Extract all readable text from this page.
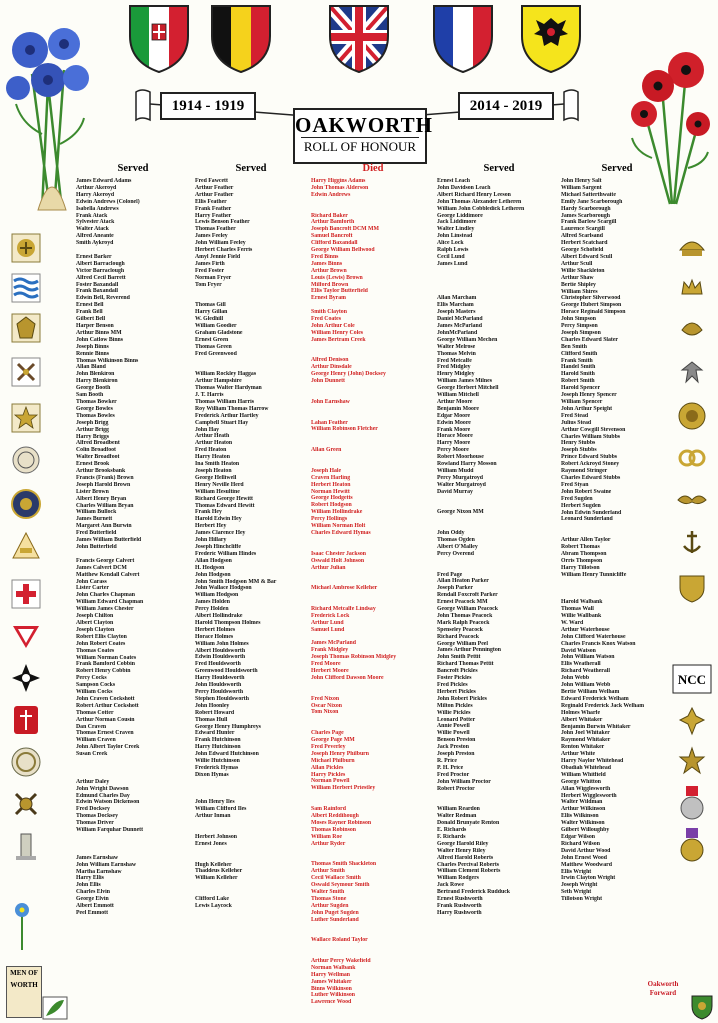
1914 - 1919	2014 - 2019
OAKWORTH
ROLL OF HONOUR
NCC
MEN OF WORTH	Oakworth Forward
Served
James Edward Adams
Arthur Akeroyd
Harry Akeroyd
Edwin Andrews (Colonel)
Isabella Andrews
Frank Atack
Sylvester Atack
Walter Atack
Alfred Aneante
Smith Aykroyd
Ernest Barker
Albert Barraclough
Victor Barraclough
Alfred Cecil Barrett
Foster Baxandall
Frank Baxandall
Edwin Bell, Reverend
Ernest Bell
Frank Bell
Gilbert Bell
Harper Benson
Arthur Binns MM
John Catlow Binns
Joseph Binns
Rennie Binns
Thomas Wilkinson Binns
Allan Bland
John Blenkiron
Harry Blenkiron
George Booth
Sam Booth
Thomas Bowker
George Bowles
Thomas Bowles
Joseph Brigg
Arthur Brigg
Harry Briggs
Alfred Broadbent
Colin Broadfoot
Walter Broadfoot
Ernest Brook
Arthur Brooksbank
Francis (Frank) Brown
Joseph Harold Brown
Lister Brown
Albert Henry Bryan
Charles William Bryan
William Bullock
James Burnett
Margaret Ann Burwin
Fred Butterfield
James William Butterfield
John Butterfield
Francis George Calvert
James Calvert DCM
Matthew Kendall Calvert
John Carass
Lister Carter
John Charles Chapman
William Edward Chapman
William James Chester
Joseph Chilton
Albert Clayton
Joseph Clayton
Robert Ellis Clayton
John Robert Coates
Thomas Coates
William Norman Coates
Frank Bamford Cobbin
Robert Henry Cobbin
Percy Cocks
Sampson Cocks
William Cocks
John Craven Cockshott
Robert Arthur Cockshott
Thomas Cotter
Arthur Norman Cousin
Dan Craven
Thomas Ernest Craven
William Craven
John Albert Taylor Creek
Susan Creek
Arthur Daley
John Wright Dawson
Edmund Charles Day
Edwin Watson Dickenson
Fred Docksey
Thomas Docksey
Thomas Driver
William Farquhar Dunnett
James Earnshaw
John William Earnshaw
Martha Earnshaw
Harry Ellis
John Ellis
Charles Elvin
George Elvin
Albert Emmott
Peel Emmott
Served
Fred Fawcett
Arthur Feather
Arthur Feather
Ellis Feather
Frank Feather
Harry Feather
Lewis Benson Feather
Thomas Feather
James Feeley
John William Feeley
Herbert Charles Ferris
Amyl Jennie Field
James Firth
Fred Foster
Norman Fryer
Tom Fryer
Thomas Gill
Harry Gillan
W. Gledhill
William Goodier
Graham Gladstone
Ernest Green
Thomas Green
Fred Greenwood
William Rockley Haggas
Arthur Hampshire
Thomas Walter Hardyman
J. T. Harris
Thomas William Harris
Roy William Thomas Harrow
Frederick Arthur Hartley
Campbell Stuart Hay
John Hay
Arthur Heath
Arthur Heaton
Fred Heaton
Harry Heaton
Ina Smith Heaton
Joseph Heaton
George Helliwell
Henry Neville Herd
William Hesultine
Richard George Hewitt
Thomas Edward Hewitt
Frank Hey
Harold Edwin Hey
Herbert Hey
James Clarence Hey
John Hillary
Joseph Hinchcliffe
Frederic William Hindes
Allan Hodgson
H. Hodgson
John Hodgson
John Smith Hodgson MM & Bar
John Wallace Hodgson
William Hodgson
James Holden
Percy Holden
Albert Hollindrake
Harold Thompson Holmes
Herbert Holmes
Horace Holmes
William John Holmes
Albert Houldsworth
Edwin Houldsworth
Fred Houldsworth
Greenwood Houldsworth
Harry Houldsworth
John Houldsworth
Percy Houldsworth
Stephen Houldsworth
John Hoonley
Robert Howard
Thomas Hull
George Henry Humphreys
Edward Hunter
Frank Hutchinson
Harry Hutchinson
John Edward Hutchinson
Willie Hutchinson
Frederick Hymas
Dixon Hymas
John Henry Iles
William Clifford Iles
Arthur Inman
Herbert Johnson
Ernest Jones
Hugh Kelleher
Thaddeus Kelleher
William Kelleher
Clifford Lake
Lewis Laycock
Died
Harry Higgins Adams
John Thomas Alderson
Edwin Andrews
Richard Baker
Arthur Bamforth
Joseph Bancroft DCM MM
Samuel Bancroft
Clifford Baxandall
George William Bellwood
Fred Binns
James Binns
Arthur Brown
Louis (Lewis) Brown
Milford Brown
Ellis Taylor Butterfield
Ernest Byram
Smith Clayton
Fred Coates
John Arthur Cole
William Henry Coles
James Bertram Creek
Alfred Denison
Arthur Dinsdale
George Henry (John) Docksey
John Dunnett
John Earnshaw
Lahan Feather
William Robinson Fletcher
Allan Green
Joseph Hale
Craven Harling
Herbert Heaton
Norman Hewitt
George Hodgetts
Robert Hodgson
William Hollindrake
Percy Hollings
William Norman Holt
Charles Edward Hymas
Isaac Chester Jackson
Oswald Holt Johnson
Arthur Julian
Michael Ambrose Kelleher
Richard Metcalfe Lindsay
Frederick Lock
Arthur Lund
Samuel Lund
James McParland
Frank Midgley
Joseph Thomas Robinson Midgley
Fred Moore
Herbert Moore
John Clifford Dawson Moore
Fred Nixon
Oscar Nixon
Tom Nixon
Charles Page
George Page MM
Fred Peverley
Joseph Henry Philburn
Michael Philburn
Allan Pickles
Harry Pickles
Norman Powell
William Herbert Priestley
Sam Rainford
Albert Reddihough
Moses Rayner Robinson
Thomas Robinson
William Roe
Arthur Ryder
Thomas Smith Shackleton
Arthur Smith
Cecil Wallace Smith
Oswald Seymour Smith
Walter Smith
Thomas Stone
Arthur Sugden
John Puget Sugden
Luther Sunderland
Wallace Roland Taylor
Arthur Percy Wakefield
Norman Walbank
Harry Wellman
James Whitaker
Binns Wilkinson
Luther Wilkinson
Lawrence Wood
Served
Ernest Leach
John Davidson Leach
Albert Richard Henry Leeson
John Thomas Alexander Letheren
William John Cobbledick Letheren
George Liddimore
Jack Liddimore
Walter Lindley
John Linstead
Alice Lock
Ralph Lowis
Cecil Lund
James Lund
Allan Marcham
Ellis Marcham
Joseph Masters
Daniel McParland
James McParland
JohnMcParland
George William Mechen
Walter Melrose
Thomas Melvin
Fred Metcalfe
Fred Midgley
Henry Midgley
William James Milnes
George Herbert Mitchell
William Mitchell
Arthur Moore
Benjamin Moore
Edgar Moore
Edwin Moore
Frank Moore
Horace Moore
Harry Moore
Percy Moore
Robert Moorhouse
Rowland Harry Mosson
William Mudd
Percy Murgatroyd
Walter Murgatroyd
David Murray
George Nixon MM
John Oddy
Thomas Ogden
Albert O'Malley
Percy Overend
Fred Page
Allan Heaton Parker
Joseph Parker
Rendall Foxcroft Parker
Ernest Peacock MM
George William Peacock
John Thomas Peacock
Mark Ralph Peacock
Spenseley Peacock
Richard Peacock
George William Peel
James Arthur Pennington
John Smith Pettit
Richard Thomas Pettit
Bancroft Pickles
Foster Pickles
Fred Pickles
Herbert Pickles
John Robert Pickles
Milton Pickles
Willie Pickles
Leonard Potter
Annie Powell
Willie Powell
Benson Preston
Jack Preston
Joseph Preston
R. Price
P. H. Price
Fred Proctor
John William Proctor
Robert Proctor
William Reardon
Walter Redman
Donald Brunyate Renton
E. Richards
F. Richards
George Harold Riley
Walter Henry Riley
Alfred Harold Roberts
Charles Percival Roberts
William Clement Roberts
William Rodgers
Jack Rowe
Bertrand Frederick Rudduck
Ernest Rushworth
Frank Rushworth
Harry Rushworth
Served
John Henry Salt
William Sargent
Michael Satterthwaite
Emily Jane Scarborough
Hardy Scarborough
James Scarborough
Frank Barlow Scargill
Laurence Scargill
Alfred Scarlsand
Herbert Scatchard
George Schofield
Albert Edward Scull
Arthur Scull
Willie Shackleton
Arthur Shaw
Bertie Shipley
William Shires
Christopher Silverwood
George Hubert Simpson
Horace Reginald Simpson
John Simpson
Percy Simpson
Joseph Simpson
Charles Edward Slater
Ben Smith
Clifford Smith
Frank Smith
Handel Smith
Harold Smith
Robert Smith
Harold Spencer
Joseph Henry Spencer
William Spencer
John Arthur Speight
Fred Stead
Julius Stead
Arthur Cowgill Stevenson
Charles William Stubbs
Henry Stubbs
Joseph Stubbs
Prince Edward Stubbs
Robert Ackroyd Stoney
Raymond Stringer
Charles Edward Stubbs
Fred Styan
John Robert Swaine
Fred Sugden
Herbert Sugden
John Edwin Sunderland
Leonard Sunderland
Arthur Allen Taylor
Robert Thomas
Abram Thompson
Orris Thompson
Harry Tillotson
William Henry Tunnicliffe
Harold Walbank
Thomas Wall
Willie Wallbank
W. Ward
Arthur Waterhouse
John Clifford Waterhouse
Charles Francis Knox Watson
David Watson
John William Watson
Ellis Weatherall
Richard Weatherall
John Webb
John William Webb
Bertie William Welham
Edward Frederick Welham
Reginald Frederick Jack Welham
Holmes Wharfe
Albert Whitaker
Benjamin Burwin Whitaker
John Joel Whitaker
Raymond Whitaker
Renton Whitaker
Arthur White
Harry Naylor Whitehead
Obadiah Whitehead
William Whitfield
George Whitton
Allan Wigglesworth
Herbert Wigglesworth
Walter Wildman
Arthur Wilkinson
Ellis Wilkinson
Walter Wilkinson
Gilbert Willoughby
Edgar Wilson
Richard Wilson
David Arthur Wood
John Ernest Wood
Matthew Woodward
Ellis Wright
Irwin Clayton Wright
Joseph Wright
Seth Wright
Tillotson Wright
